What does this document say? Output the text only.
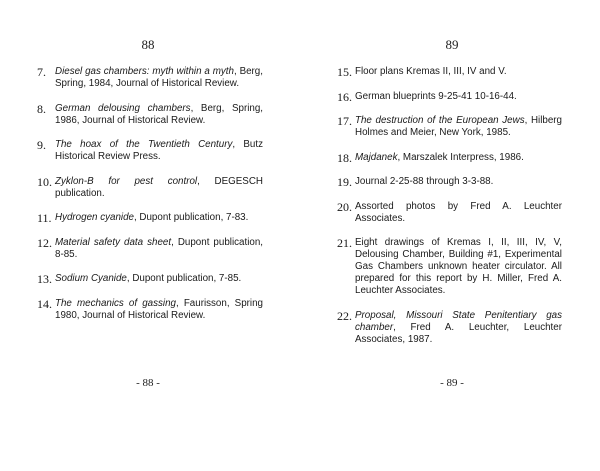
88
7. Diesel gas chambers: myth within a myth, Berg, Spring, 1984, Journal of Historical Review.
8. German delousing chambers, Berg, Spring, 1986, Journal of Historical Review.
9. The hoax of the Twentieth Century, Butz Historical Review Press.
10. Zyklon-B for pest control, DEGESCH publication.
11. Hydrogen cyanide, Dupont publication, 7-83.
12. Material safety data sheet, Dupont publication, 8-85.
13. Sodium Cyanide, Dupont publication, 7-85.
14. The mechanics of gassing, Faurisson, Spring 1980, Journal of Historical Review.
- 88 -
89
15. Floor plans Kremas II, III, IV and V.
16. German blueprints 9-25-41 10-16-44.
17. The destruction of the European Jews, Hilberg Holmes and Meier, New York, 1985.
18. Majdanek, Marszalek Interpress, 1986.
19. Journal 2-25-88 through 3-3-88.
20. Assorted photos by Fred A. Leuchter Associates.
21. Eight drawings of Kremas I, II, III, IV, V, Delousing Chamber, Building #1, Experimental Gas Chambers unknown heater circulator. All prepared for this report by H. Miller, Fred A. Leuchter Associates.
22. Proposal, Missouri State Penitentiary gas chamber, Fred A. Leuchter, Leuchter Associates, 1987.
- 89 -
